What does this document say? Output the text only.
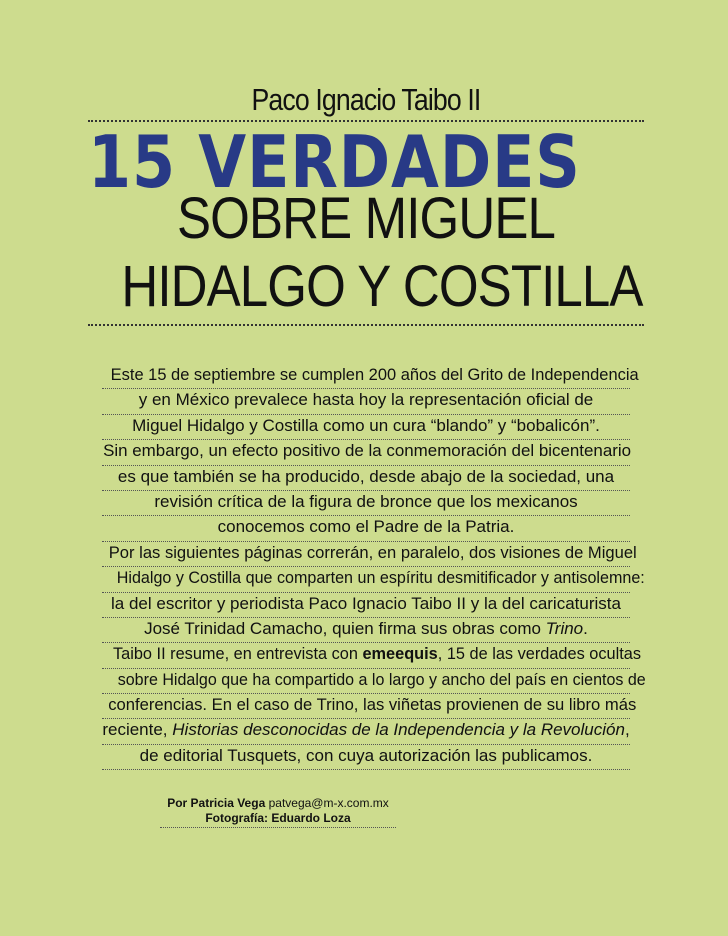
Paco Ignacio Taibo II
15 VERDADES
SOBRE MIGUEL
HIDALGO Y COSTILLA
Este 15 de septiembre se cumplen 200 años del Grito de Independencia
y en México prevalece hasta hoy la representación oficial de
Miguel Hidalgo y Costilla como un cura “blando” y “bobalicón”.
Sin embargo, un efecto positivo de la conmemoración del bicentenario
es que también se ha producido, desde abajo de la sociedad, una
revisión crítica de la figura de bronce que los mexicanos
conocemos como el Padre de la Patria.
Por las siguientes páginas correrán, en paralelo, dos visiones de Miguel
Hidalgo y Costilla que comparten un espíritu desmitificador y antisolemne:
la del escritor y periodista Paco Ignacio Taibo II y la del caricaturista
José Trinidad Camacho, quien firma sus obras como Trino.
Taibo II resume, en entrevista con emeequis, 15 de las verdades ocultas
sobre Hidalgo que ha compartido a lo largo y ancho del país en cientos de
conferencias. En el caso de Trino, las viñetas provienen de su libro más
reciente, Historias desconocidas de la Independencia y la Revolución,
de editorial Tusquets, con cuya autorización las publicamos.
Por Patricia Vega patvega@m-x.com.mx
Fotografía: Eduardo Loza
